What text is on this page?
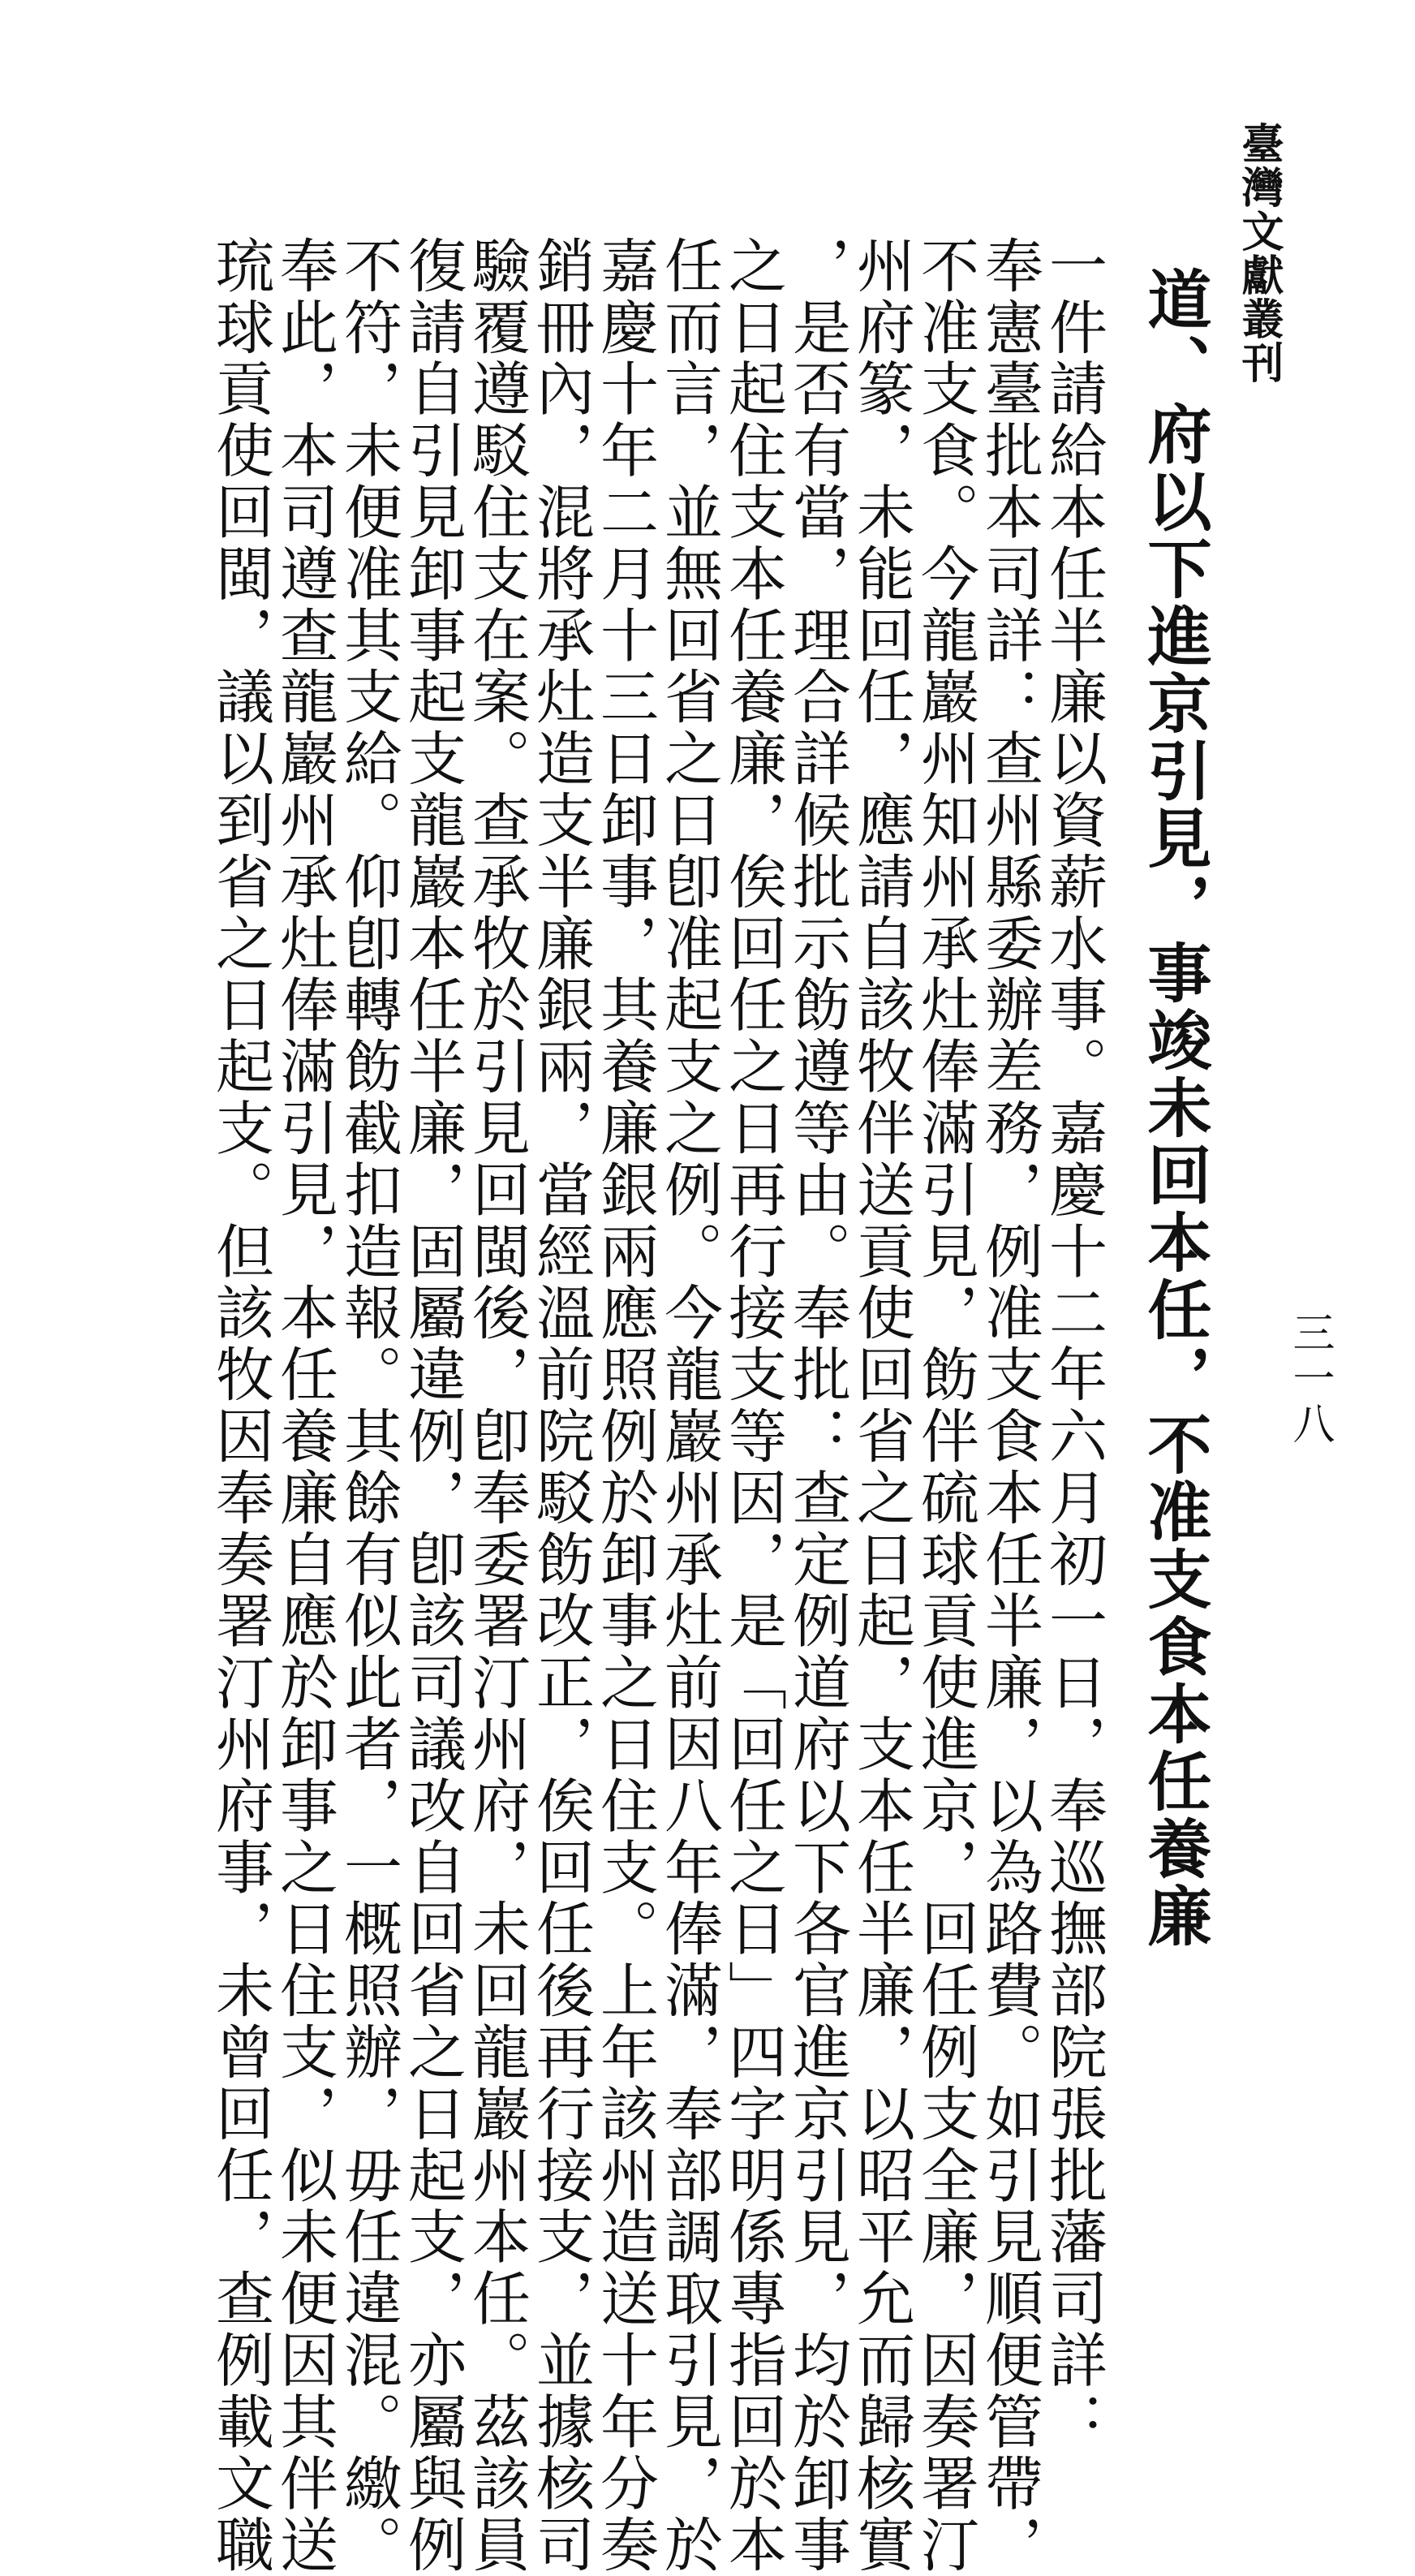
臺灣文獻叢刊
三一八
道、府以下進京引見，事竣未回本任，不准支食本任養廉
一件請給本任半廉以資薪水事。嘉慶十二年六月初一日，奉巡撫部院張批藩司詳：
奉憲臺批本司詳：查州縣委辦差務，例准支食本任半廉，以為路費。如引見順便管帶，
不准支食。今龍巖州知州承灶俸滿引見，飭伴硫球貢使進京，回任例支全廉，因奏署汀
州府篆，未能回任，應請自該牧伴送貢使回省之日起，支本任半廉，以昭平允而歸核實
，是否有當，理合詳候批示飭遵等由。奉批：查定例道府以下各官進京引見，均於卸事
之日起住支本任養廉，俟回任之日再行接支等因，是「回任之日」四字明係專指回於本
任而言，並無回省之日卽准起支之例。今龍巖州承灶前因八年俸滿，奉部調取引見，於
嘉慶十年二月十三日卸事，其養廉銀兩應照例於卸事之日住支。上年該州造送十年分奏
銷冊內，混將承灶造支半廉銀兩，當經溫前院駁飭改正，俟回任後再行接支，並據核司
驗覆遵駁住支在案。查承牧於引見回閩後，卽奉委署汀州府，未回龍巖州本任。茲該員
復請自引見卸事起支龍巖本任半廉，固屬違例，卽該司議改自回省之日起支，亦屬與例
不符，未便准其支給。仰卽轉飭截扣造報。其餘有似此者，一概照辦，毋任違混。繳。
奉此，本司遵查龍巖州承灶俸滿引見，本任養廉自應於卸事之日住支，似未便因其伴送
琉球貢使回閩，議以到省之日起支。但該牧因奉奏署汀州府事，未曾回任，查例載文職
